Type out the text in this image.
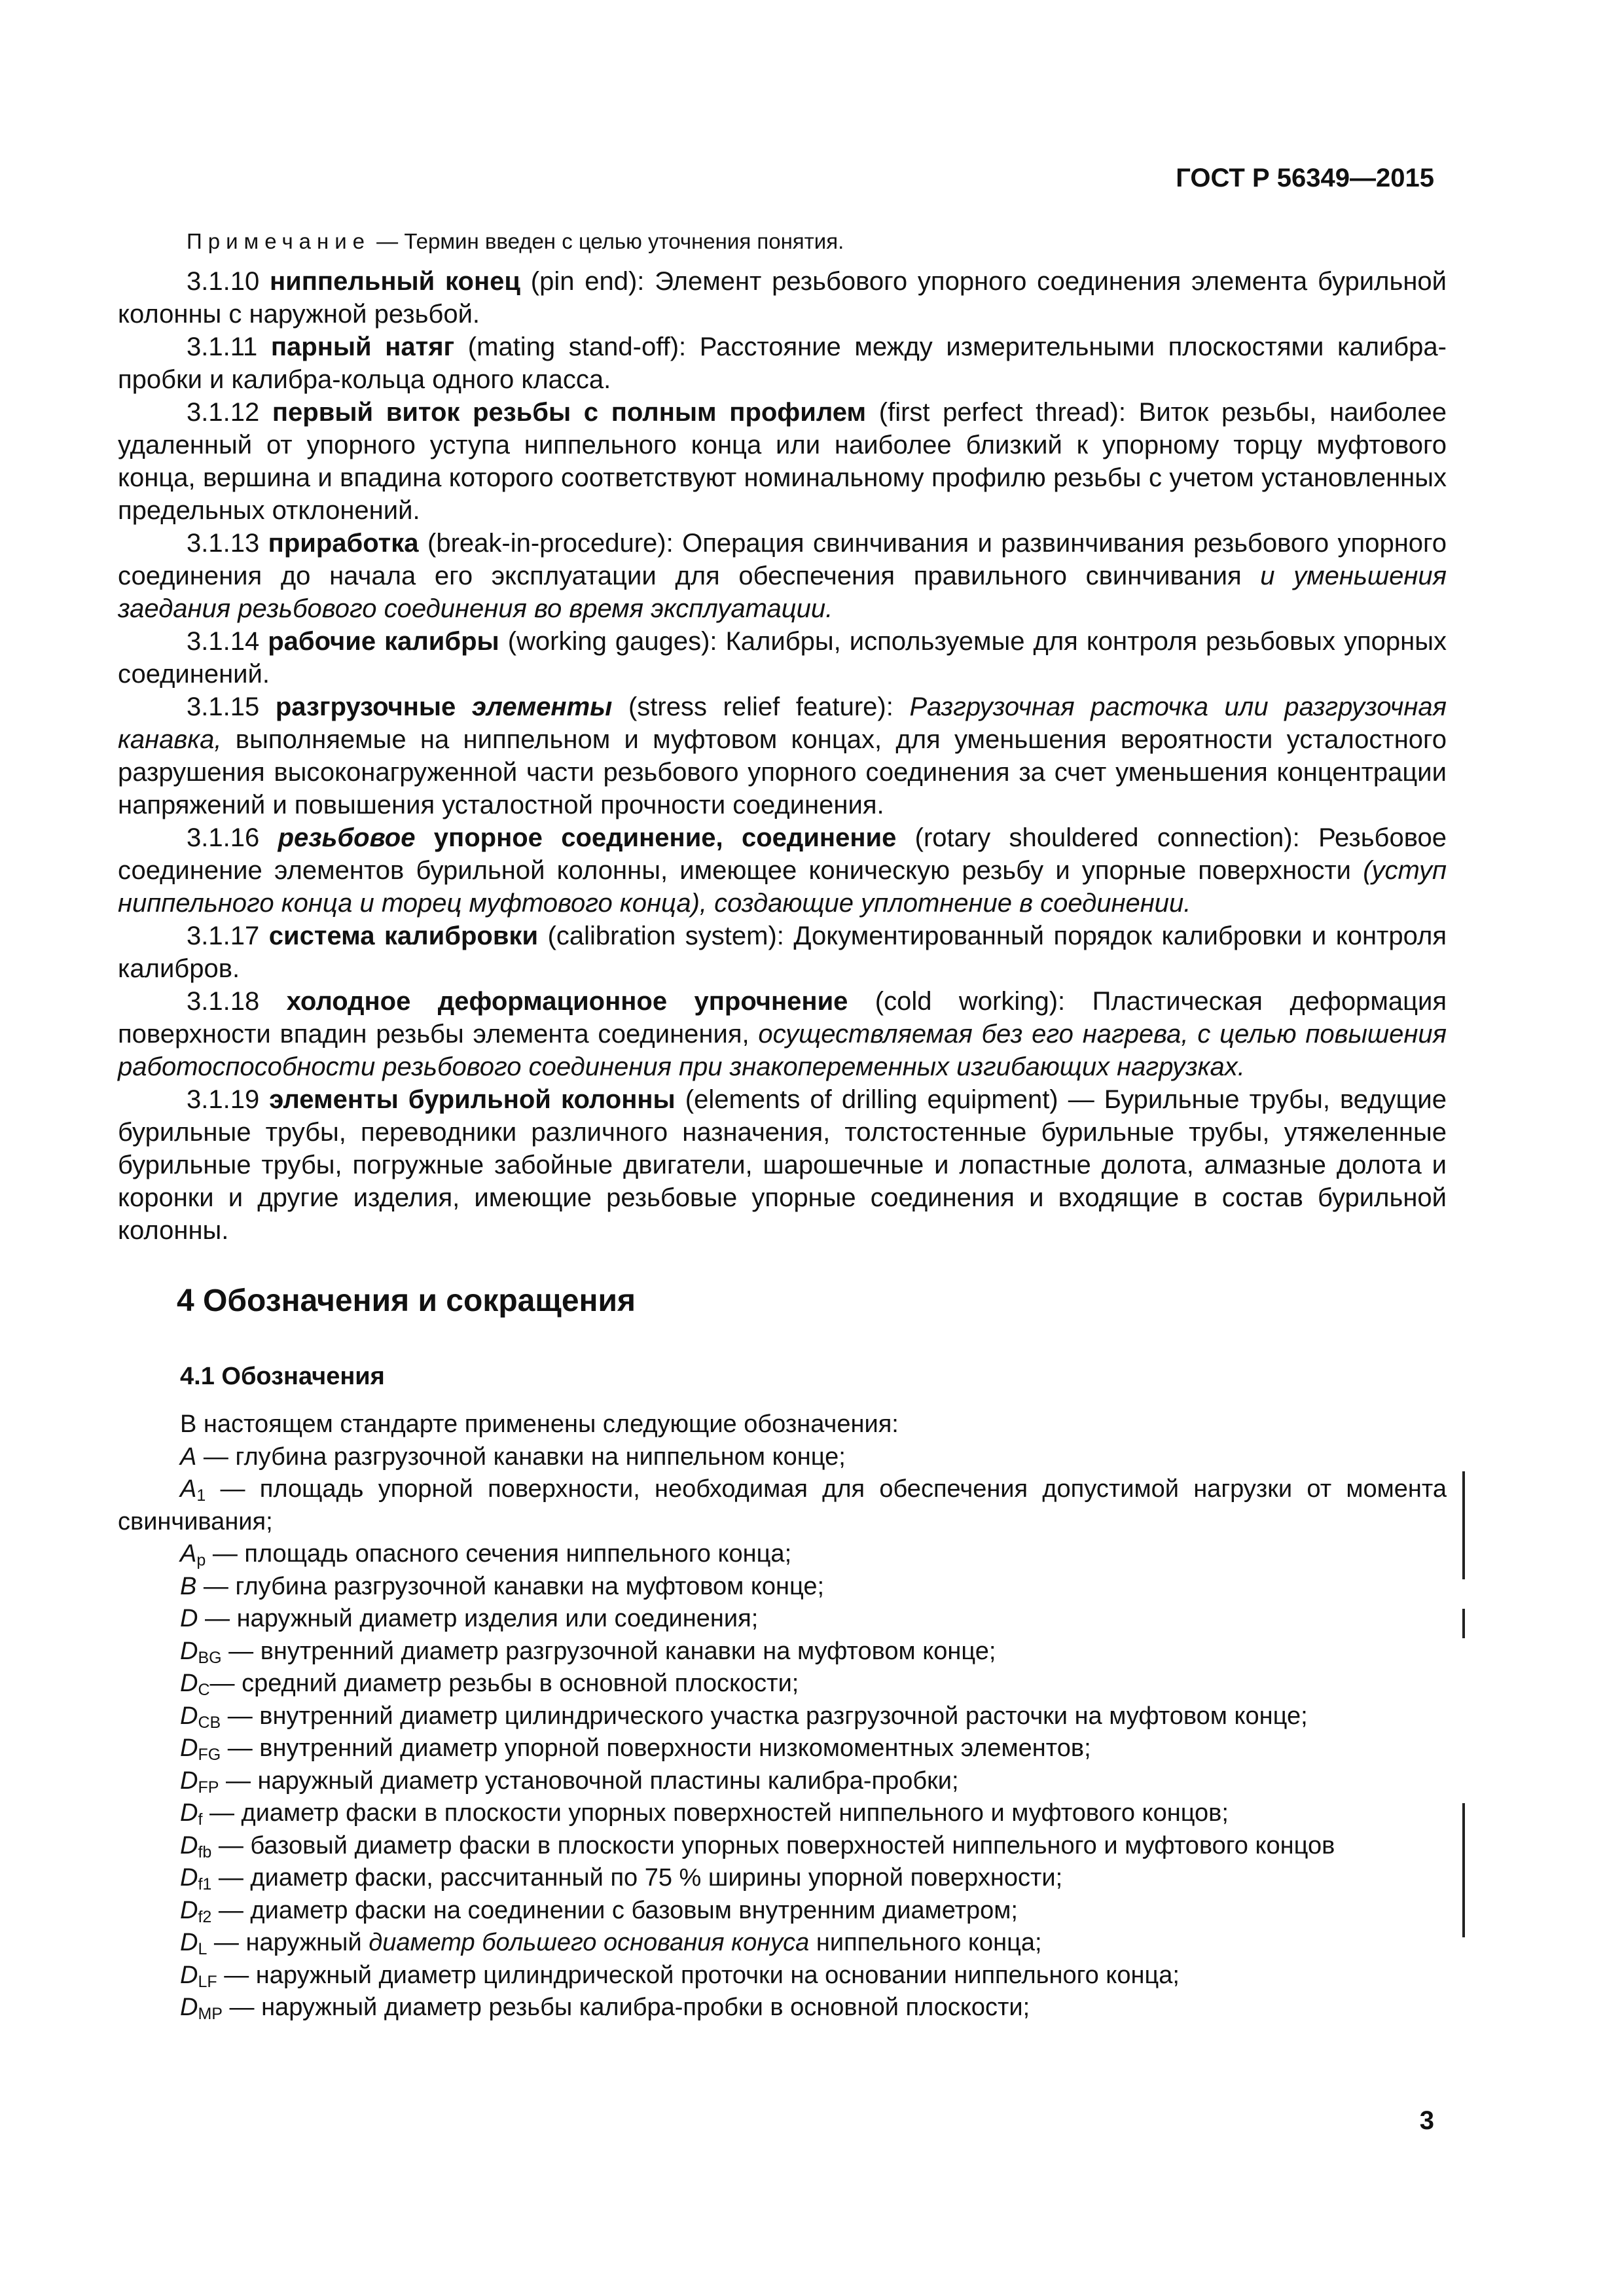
ГОСТ Р 56349—2015
Примечание — Термин введен с целью уточнения понятия.

3.1.10 ниппельный конец (pin end): Элемент резьбового упорного соединения элемента бурильной колонны с наружной резьбой.

3.1.11 парный натяг (mating stand-off): Расстояние между измерительными плоскостями калибра-пробки и калибра-кольца одного класса.

3.1.12 первый виток резьбы с полным профилем (first perfect thread): Виток резьбы, наиболее удаленный от упорного уступа ниппельного конца или наиболее близкий к упорному торцу муфтового конца, вершина и впадина которого соответствуют номинальному профилю резьбы с учетом установленных предельных отклонений.

3.1.13 приработка (break-in-procedure): Операция свинчивания и развинчивания резьбового упорного соединения до начала его эксплуатации для обеспечения правильного свинчивания и уменьшения заедания резьбового соединения во время эксплуатации.

3.1.14 рабочие калибры (working gauges): Калибры, используемые для контроля резьбовых упорных соединений.

3.1.15 разгрузочные элементы (stress relief feature): Разгрузочная расточка или разгрузочная канавка, выполняемые на ниппельном и муфтовом концах, для уменьшения вероятности усталостного разрушения высоконагруженной части резьбового упорного соединения за счет уменьшения концентрации напряжений и повышения усталостной прочности соединения.

3.1.16 резьбовое упорное соединение, соединение (rotary shouldered connection): Резьбовое соединение элементов бурильной колонны, имеющее коническую резьбу и упорные поверхности (уступ ниппельного конца и торец муфтового конца), создающие уплотнение в соединении.

3.1.17 система калибровки (calibration system): Документированный порядок калибровки и контроля калибров.

3.1.18 холодное деформационное упрочнение (cold working): Пластическая деформация поверхности впадин резьбы элемента соединения, осуществляемая без его нагрева, с целью повышения работоспособности резьбового соединения при знакопеременных изгибающих нагрузках.

3.1.19 элементы бурильной колонны (elements of drilling equipment) — Бурильные трубы, ведущие бурильные трубы, переводники различного назначения, толстостенные бурильные трубы, утяжеленные бурильные трубы, погружные забойные двигатели, шарошечные и лопастные долота, алмазные долота и коронки и другие изделия, имеющие резьбовые упорные соединения и входящие в состав бурильной колонны.

4 Обозначения и сокращения
4.1 Обозначения

В настоящем стандарте применены следующие обозначения:

A — глубина разгрузочной канавки на ниппельном конце;

$A_1$ — площадь упорной поверхности, необходимая для обеспечения допустимой нагрузки от момента свинчивания;

$A_p$ — площадь опасного сечения ниппельного конца;

B — глубина разгрузочной канавки на муфтовом конце;

D — наружный диаметр изделия или соединения;

$D_{BG}$ — внутренний диаметр разгрузочной канавки на муфтовом конце;

$D_C—$ средний диаметр резьбы в основной плоскости;

$D_{CB}$ — внутренний диаметр цилиндрического участка разгрузочной расточки на муфтовом конце;

$D_{FG}$ — внутренний диаметр упорной поверхности низкомоментных элементов;

$D_{FP}$ — наружный диаметр установочной пластины калибра-пробки;

$D_f$ — диаметр фаски в плоскости упорных поверхностей ниппельного и муфтового концов;

$D_{fb}$ — базовый диаметр фаски в плоскости упорных поверхностей ниппельного и муфтового концов

$D_{f1}$ — диаметр фаски, рассчитанный по 75 % ширины упорной поверхности;

$D_{f2}$ — диаметр фаски на соединении с базовым внутренним диаметром;

$D_L$ — наружный диаметр большего основания конуса ниппельного конца;

$D_{LF}$ — наружный диаметр цилиндрической проточки на основании ниппельного конца;

$D_{MP}$ — наружный диаметр резьбы калибра-пробки в основной плоскости;

3
